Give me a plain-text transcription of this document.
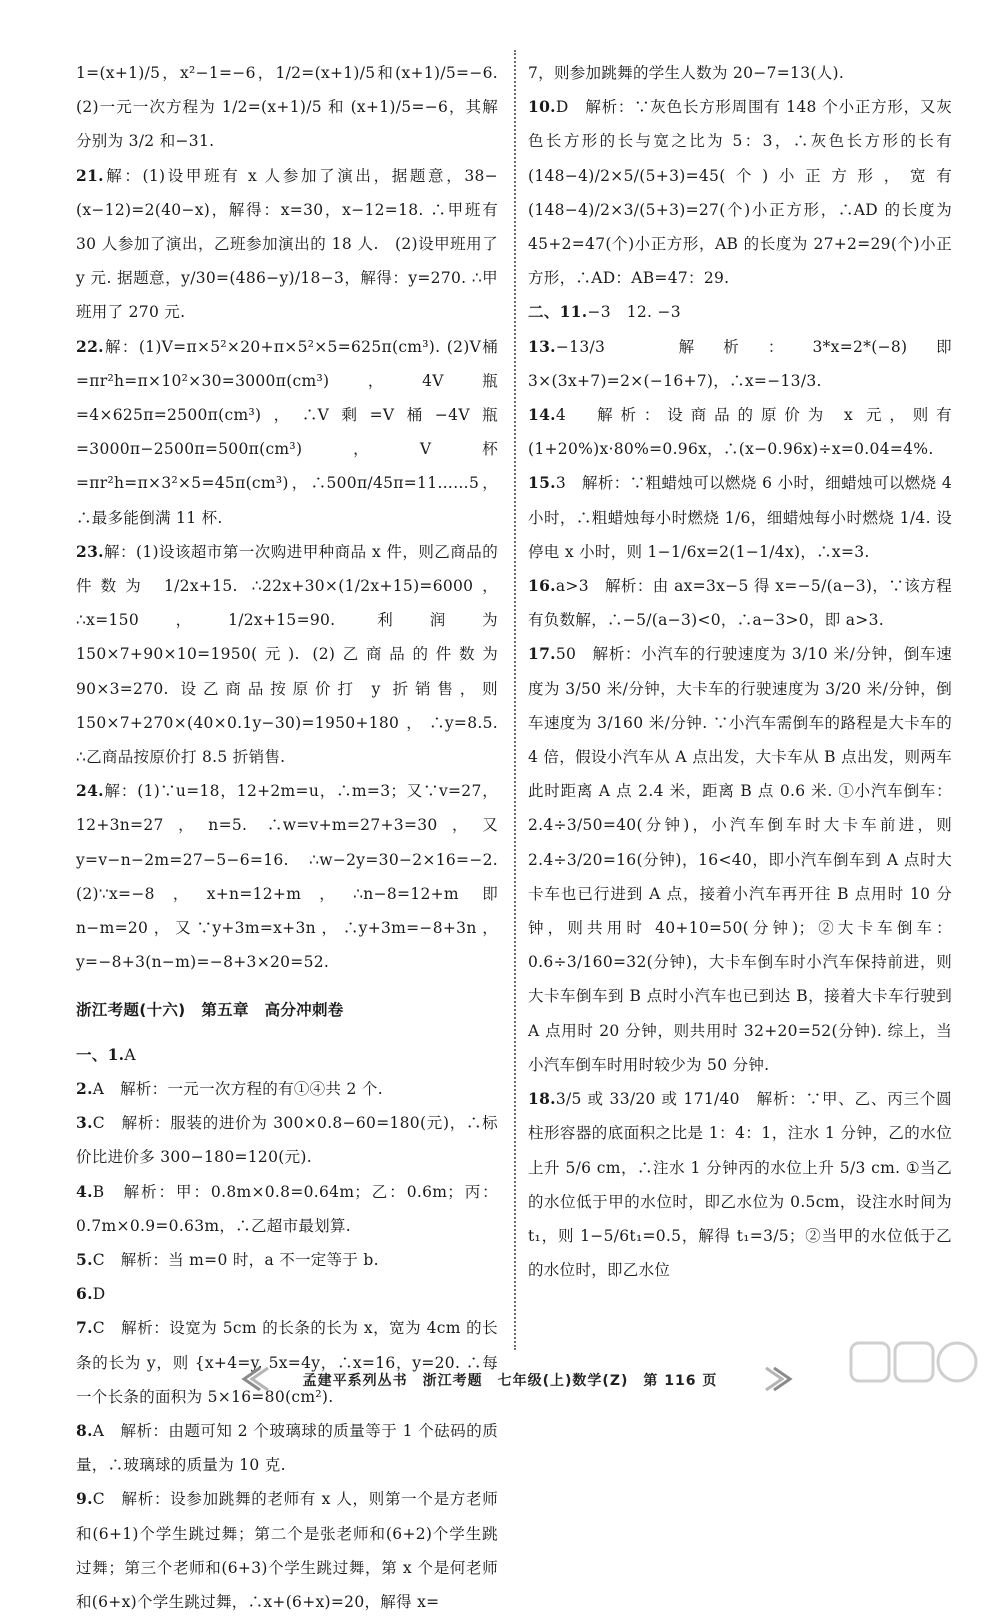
1=(x+1)/5，x²−1=−6，1/2=(x+1)/5和(x+1)/5=−6.　(2)一元一次方程为 1/2=(x+1)/5 和 (x+1)/5=−6，其解分别为 3/2 和−31.

21.解：(1)设甲班有 x 人参加了演出，据题意，38−(x−12)=2(40−x)，解得：x=30，x−12=18. ∴甲班有 30 人参加了演出，乙班参加演出的 18 人.　(2)设甲班用了 y 元. 据题意，y/30=(486−y)/18−3，解得：y=270. ∴甲班用了 270 元.

22.解：(1)V=π×5²×20+π×5²×5=625π(cm³). (2)V桶=πr²h=π×10²×30=3000π(cm³)，4V瓶=4×625π=2500π(cm³)，∴V剩=V桶−4V瓶=3000π−2500π=500π(cm³)，V杯=πr²h=π×3²×5=45π(cm³)，∴500π/45π=11……5，∴最多能倒满 11 杯.

23.解：(1)设该超市第一次购进甲种商品 x 件，则乙商品的件数为 1/2x+15. ∴22x+30×(1/2x+15)=6000，∴x=150，1/2x+15=90. 利润为 150×7+90×10=1950(元). (2)乙商品的件数为 90×3=270. 设乙商品按原价打 y 折销售，则 150×7+270×(40×0.1y−30)=1950+180，∴y=8.5. ∴乙商品按原价打 8.5 折销售.

24.解：(1)∵u=18，12+2m=u，∴m=3；又∵v=27，12+3n=27，n=5. ∴w=v+m=27+3=30，又 y=v−n−2m=27−5−6=16. ∴w−2y=30−2×16=−2.　(2)∵x=−8，x+n=12+m，∴n−8=12+m 即 n−m=20，又∵y+3m=x+3n，∴y+3m=−8+3n，y=−8+3(n−m)=−8+3×20=52.

浙江考题(十六)　第五章　高分冲刺卷

一、1.A

2.A　解析：一元一次方程的有①④共 2 个.

3.C　解析：服装的进价为 300×0.8−60=180(元)，∴标价比进价多 300−180=120(元).

4.B　解析：甲：0.8m×0.8=0.64m；乙：0.6m；丙：0.7m×0.9=0.63m，∴乙超市最划算.

5.C　解析：当 m=0 时，a 不一定等于 b.

6.D

7.C　解析：设宽为 5cm 的长条的长为 x，宽为 4cm 的长条的长为 y，则 {x+4=y, 5x=4y，∴x=16，y=20. ∴每一个长条的面积为 5×16=80(cm²).

8.A　解析：由题可知 2 个玻璃球的质量等于 1 个砝码的质量，∴玻璃球的质量为 10 克.

9.C　解析：设参加跳舞的老师有 x 人，则第一个是方老师和(6+1)个学生跳过舞；第二个是张老师和(6+2)个学生跳过舞；第三个老师和(6+3)个学生跳过舞，第 x 个是何老师和(6+x)个学生跳过舞，∴x+(6+x)=20，解得 x=

7，则参加跳舞的学生人数为 20−7=13(人).

10.D　解析：∵灰色长方形周围有 148 个小正方形，又灰色长方形的长与宽之比为 5：3，∴灰色长方形的长有 (148−4)/2×5/(5+3)=45(个)小正方形，宽有 (148−4)/2×3/(5+3)=27(个)小正方形，∴AD 的长度为 45+2=47(个)小正方形，AB 的长度为 27+2=29(个)小正方形，∴AD：AB=47：29.

二、11.−3　12. −3

13.−13/3　解析：3*x=2*(−8)即 3×(3x+7)=2×(−16+7)，∴x=−13/3.

14.4　解析：设商品的原价为 x 元，则有(1+20%)x·80%=0.96x，∴(x−0.96x)÷x=0.04=4%.

15.3　解析：∵粗蜡烛可以燃烧 6 小时，细蜡烛可以燃烧 4 小时，∴粗蜡烛每小时燃烧 1/6，细蜡烛每小时燃烧 1/4. 设停电 x 小时，则 1−1/6x=2(1−1/4x)，∴x=3.

16.a>3　解析：由 ax=3x−5 得 x=−5/(a−3)，∵该方程有负数解，∴−5/(a−3)<0，∴a−3>0，即 a>3.

17.50　解析：小汽车的行驶速度为 3/10 米/分钟，倒车速度为 3/50 米/分钟，大卡车的行驶速度为 3/20 米/分钟，倒车速度为 3/160 米/分钟. ∵小汽车需倒车的路程是大卡车的 4 倍，假设小汽车从 A 点出发，大卡车从 B 点出发，则两车此时距离 A 点 2.4 米，距离 B 点 0.6 米. ①小汽车倒车：2.4÷3/50=40(分钟)，小汽车倒车时大卡车前进，则 2.4÷3/20=16(分钟)，16<40，即小汽车倒车到 A 点时大卡车也已行进到 A 点，接着小汽车再开往 B 点用时 10 分钟，则共用时 40+10=50(分钟)；②大卡车倒车：0.6÷3/160=32(分钟)，大卡车倒车时小汽车保持前进，则大卡车倒车到 B 点时小汽车也已到达 B，接着大卡车行驶到 A 点用时 20 分钟，则共用时 32+20=52(分钟). 综上，当小汽车倒车时用时较少为 50 分钟.

18.3/5 或 33/20 或 171/40　解析：∵甲、乙、丙三个圆柱形容器的底面积之比是 1：4：1，注水 1 分钟，乙的水位上升 5/6 cm，∴注水 1 分钟丙的水位上升 5/3 cm. ①当乙的水位低于甲的水位时，即乙水位为 0.5cm，设注水时间为 t₁，则 1−5/6t₁=0.5，解得 t₁=3/5；②当甲的水位低于乙的水位时，即乙水位

孟建平系列丛书　浙江考题　七年级(上)数学(Z)　第 116 页
